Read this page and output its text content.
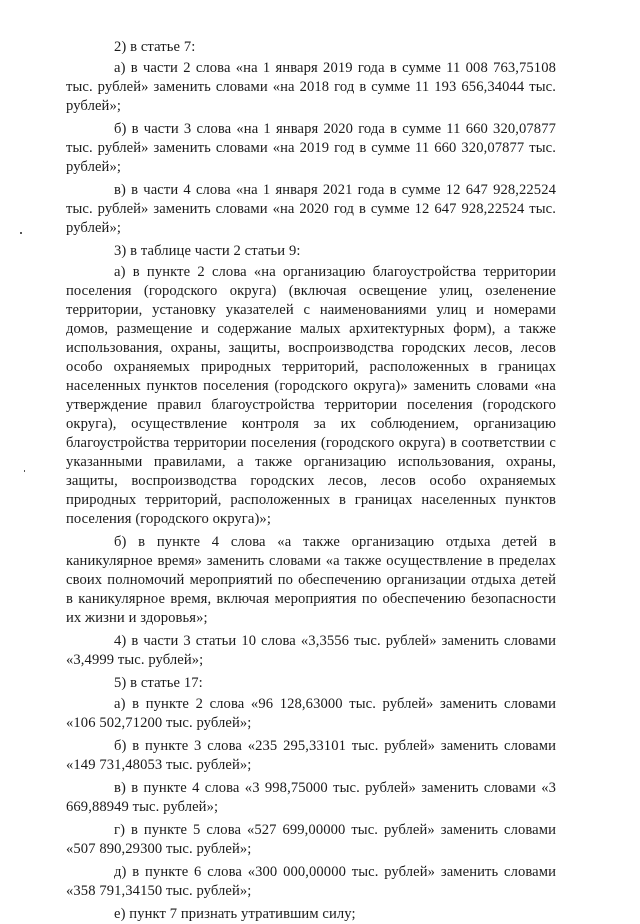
2) в статье 7:

а) в части 2 слова «на 1 января 2019 года в сумме 11 008 763,75108 тыс. рублей» заменить словами «на 2018 год в сумме 11 193 656,34044 тыс. рублей»;

б) в части 3 слова «на 1 января 2020 года в сумме 11 660 320,07877 тыс. рублей» заменить словами «на 2019 год в сумме 11 660 320,07877 тыс. рублей»;

в) в части 4 слова «на 1 января 2021 года в сумме 12 647 928,22524 тыс. рублей» заменить словами «на 2020 год в сумме 12 647 928,22524 тыс. рублей»;

3) в таблице части 2 статьи 9:

а) в пункте 2 слова «на организацию благоустройства территории поселения (городского округа) (включая освещение улиц, озеленение территории, установку указателей с наименованиями улиц и номерами домов, размещение и содержание малых архитектурных форм), а также использования, охраны, защиты, воспроизводства городских лесов, лесов особо охраняемых природных территорий, расположенных в границах населенных пунктов поселения (городского округа)» заменить словами «на утверждение правил благоустройства территории поселения (городского округа), осуществление контроля за их соблюдением, организацию благоустройства территории поселения (городского округа) в соответствии с указанными правилами, а также организацию использования, охраны, защиты, воспроизводства городских лесов, лесов особо охраняемых природных территорий, расположенных в границах населенных пунктов поселения (городского округа)»;

б) в пункте 4 слова «а также организацию отдыха детей в каникулярное время» заменить словами «а также осуществление в пределах своих полномочий мероприятий по обеспечению организации отдыха детей в каникулярное время, включая мероприятия по обеспечению безопасности их жизни и здоровья»;

4) в части 3 статьи 10 слова «3,3556 тыс. рублей» заменить словами «3,4999 тыс. рублей»;

5) в статье 17:

а) в пункте 2 слова «96 128,63000 тыс. рублей» заменить словами «106 502,71200 тыс. рублей»;

б) в пункте 3 слова «235 295,33101 тыс. рублей» заменить словами «149 731,48053 тыс. рублей»;

в) в пункте 4 слова «3 998,75000 тыс. рублей» заменить словами «3 669,88949 тыс. рублей»;

г) в пункте 5 слова «527 699,00000 тыс. рублей» заменить словами «507 890,29300 тыс. рублей»;

д) в пункте 6 слова «300 000,00000 тыс. рублей» заменить словами «358 791,34150 тыс. рублей»;

е) пункт 7 признать утратившим силу;
